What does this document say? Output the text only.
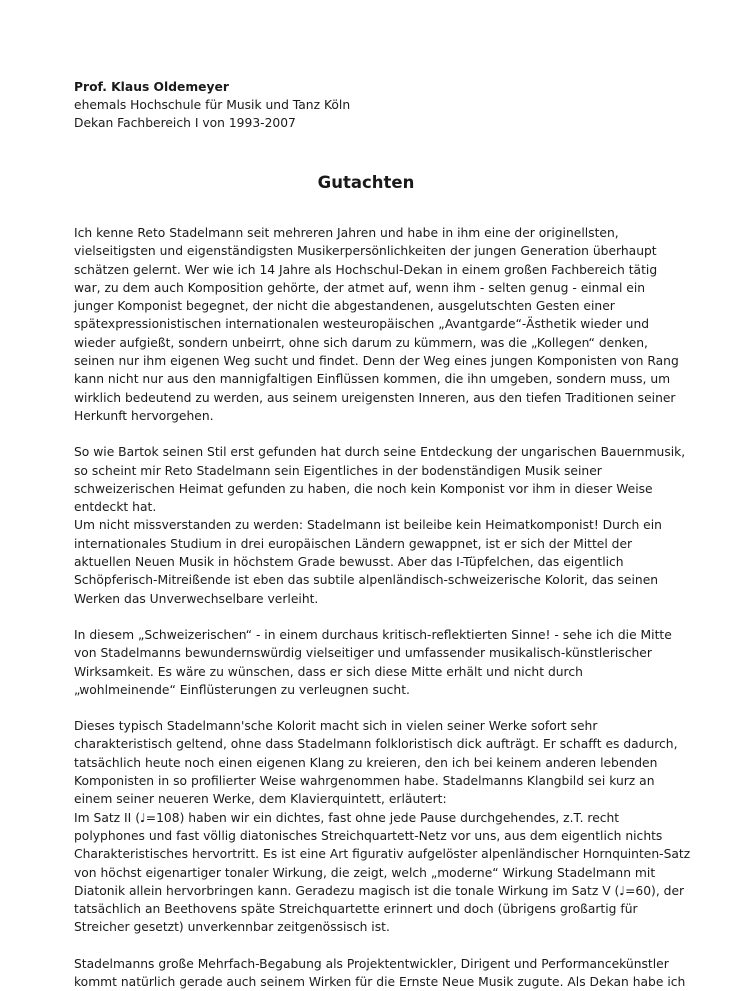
Prof. Klaus Oldemeyer
ehemals Hochschule für Musik und Tanz Köln
Dekan Fachbereich I von 1993-2007
Gutachten
Ich kenne Reto Stadelmann seit mehreren Jahren und habe in ihm eine der originellsten,
vielseitigsten und eigenständigsten Musikerpersönlichkeiten der jungen Generation überhaupt
schätzen gelernt. Wer wie ich 14 Jahre als Hochschul-Dekan in einem großen Fachbereich tätig
war, zu dem auch Komposition gehörte, der atmet auf, wenn ihm - selten genug - einmal ein
junger Komponist begegnet, der nicht die abgestandenen, ausgelutschten Gesten einer
spätexpressionistischen internationalen westeuropäischen „Avantgarde“-Ästhetik wieder und
wieder aufgießt, sondern unbeirrt, ohne sich darum zu kümmern, was die „Kollegen“ denken,
seinen nur ihm eigenen Weg sucht und findet. Denn der Weg eines jungen Komponisten von Rang
kann nicht nur aus den mannigfaltigen Einflüssen kommen, die ihn umgeben, sondern muss, um
wirklich bedeutend zu werden, aus seinem ureigensten Inneren, aus den tiefen Traditionen seiner
Herkunft hervorgehen.
So wie Bartok seinen Stil erst gefunden hat durch seine Entdeckung der ungarischen Bauernmusik,
so scheint mir Reto Stadelmann sein Eigentliches in der bodenständigen Musik seiner
schweizerischen Heimat gefunden zu haben, die noch kein Komponist vor ihm in dieser Weise
entdeckt hat.
Um nicht missverstanden zu werden: Stadelmann ist beileibe kein Heimatkomponist! Durch ein
internationales Studium in drei europäischen Ländern gewappnet, ist er sich der Mittel der
aktuellen Neuen Musik in höchstem Grade bewusst. Aber das I-Tüpfelchen, das eigentlich
Schöpferisch-Mitreißende ist eben das subtile alpenländisch-schweizerische Kolorit, das seinen
Werken das Unverwechselbare verleiht.
In diesem „Schweizerischen“ - in einem durchaus kritisch-reflektierten Sinne! - sehe ich die Mitte
von Stadelmanns bewundernswürdig vielseitiger und umfassender musikalisch-künstlerischer
Wirksamkeit. Es wäre zu wünschen, dass er sich diese Mitte erhält und nicht durch
„wohlmeinende“ Einflüsterungen zu verleugnen sucht.
Dieses typisch Stadelmann'sche Kolorit macht sich in vielen seiner Werke sofort sehr
charakteristisch geltend, ohne dass Stadelmann folkloristisch dick aufträgt. Er schafft es dadurch,
tatsächlich heute noch einen eigenen Klang zu kreieren, den ich bei keinem anderen lebenden
Komponisten in so profilierter Weise wahrgenommen habe. Stadelmanns Klangbild sei kurz an
einem seiner neueren Werke, dem Klavierquintett, erläutert:
Im Satz II (♩=108) haben wir ein dichtes, fast ohne jede Pause durchgehendes, z.T. recht
polyphones und fast völlig diatonisches Streichquartett-Netz vor uns, aus dem eigentlich nichts
Charakteristisches hervortritt. Es ist eine Art figurativ aufgelöster alpenländischer Hornquinten-Satz
von höchst eigenartiger tonaler Wirkung, die zeigt, welch „moderne“ Wirkung Stadelmann mit
Diatonik allein hervorbringen kann. Geradezu magisch ist die tonale Wirkung im Satz V (♩=60), der
tatsächlich an Beethovens späte Streichquartette erinnert und doch (übrigens großartig für
Streicher gesetzt) unverkennbar zeitgenössisch ist.
Stadelmanns große Mehrfach-Begabung als Projektentwickler, Dirigent und Performancekünstler
kommt natürlich gerade auch seinem Wirken für die Ernste Neue Musik zugute. Als Dekan habe ich
